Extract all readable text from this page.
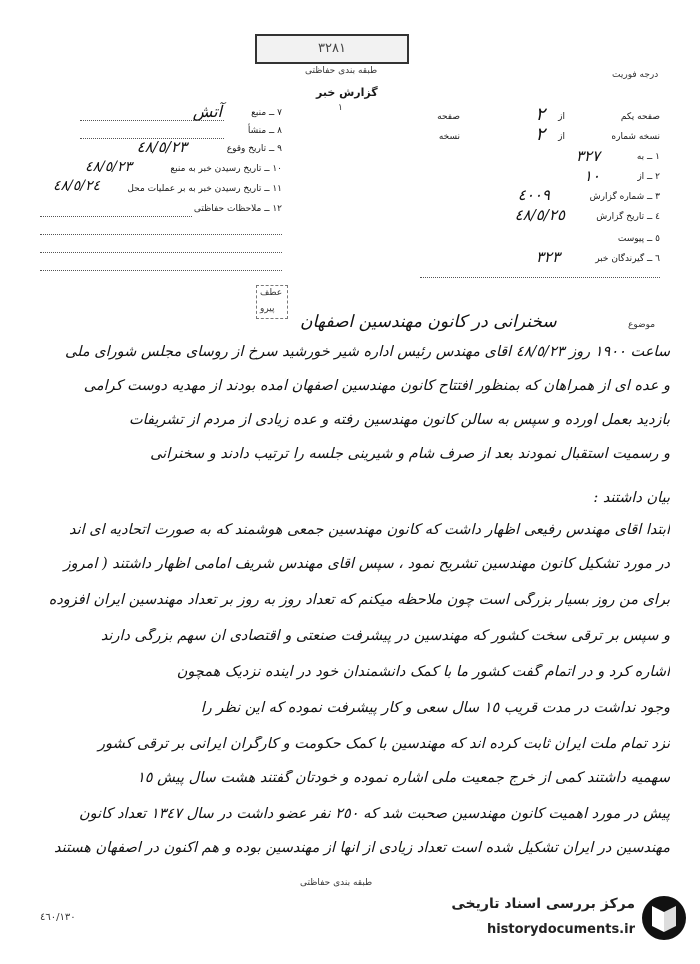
٣٢٨١
طبقه بندی حفاظتی	درجه فوریت
گزارش خبر
١
٧ ــ منبع
آتش
٨ ــ منشأ
٩ ــ تاریخ وقوع
٤٨/٥/٢٣
١٠ ــ تاریخ رسیدن خبر به منبع
٤٨/٥/٢٣
١١ ــ تاریخ رسیدن خبر به بر عملیات محل
٤٨/٥/٢٤
١٢ ــ ملاحظات حفاظتی
صفحه یکم
از
٢
صفحه
نسخه شماره
از
٢
نسخه
١ ــ به
٣٢٧
٢ ــ از
١٠
٣ ــ شماره گزارش
٤٠٠٩
٤ ــ تاریخ گزارش
٤٨/٥/٢٥
٥ ــ پیوست
٦ ــ گیرندگان خبر
٣٢٣
عطف
پیرو
موضوع
سخنرانی در کانون مهندسین اصفهان
ساعت ١٩٠٠ روز ٤٨/٥/٢٣ آقای مهندس رئیس اداره شیر خورشید سرخ از روسای مجلس شورای ملی
و عده ای از همراهان که بمنظور افتتاح کانون مهندسین اصفهان آمده بودند از مهدیه دوست کرامی
بازدید بعمل آورده و سپس به سالن کانون مهندسین رفته و عده زیادی از مردم از تشریفات
و رسمیت استقبال نمودند بعد از صرف شام و شیرینی جلسه را ترتیب دادند و سخنرانی
بیان داشتند :
ابتدا آقای مهندس رفیعی اظهار داشت که کانون مهندسین جمعی هوشمند که به صورت اتحادیه ای اند
در مورد تشکیل کانون مهندسین تشریح نمود ، سپس آقای مهندس شریف امامی اظهار داشتند ( امروز
برای من روز بسیار بزرگی است چون ملاحظه میکنم که تعداد روز به روز بر تعداد مهندسین ایران افزوده
و سپس بر ترقی سخت کشور که مهندسین در پیشرفت صنعتی و اقتصادی آن سهم بزرگی دارند
اشاره کرد و در اتمام گفت کشور ما با کمک دانشمندان خود در آینده نزدیک همچون
وجود نداشت در مدت قریب ١٥ سال سعی و کار پیشرفت نموده که این نظر را
نزد تمام ملت ایران ثابت کرده اند که مهندسین با کمک حکومت و کارگران ایرانی بر ترقی کشور
سهمیه داشتند کمی از خرج جمعیت ملی اشاره نموده و خودتان گفتند هشت سال پیش ١٥
پیش در مورد اهمیت کانون مهندسین صحبت شد که ٢٥٠ نفر عضو داشت در سال ١٣٤٧ تعداد کانون
مهندسین در ایران تشکیل شده است تعداد زیادی از آنها از مهندسین بوده و هم اکنون در اصفهان هستند
طبقه بندی حفاظتی
٤٦٠/١٣٠
مرکز بررسی اسناد تاریخی
historydocuments.ir
